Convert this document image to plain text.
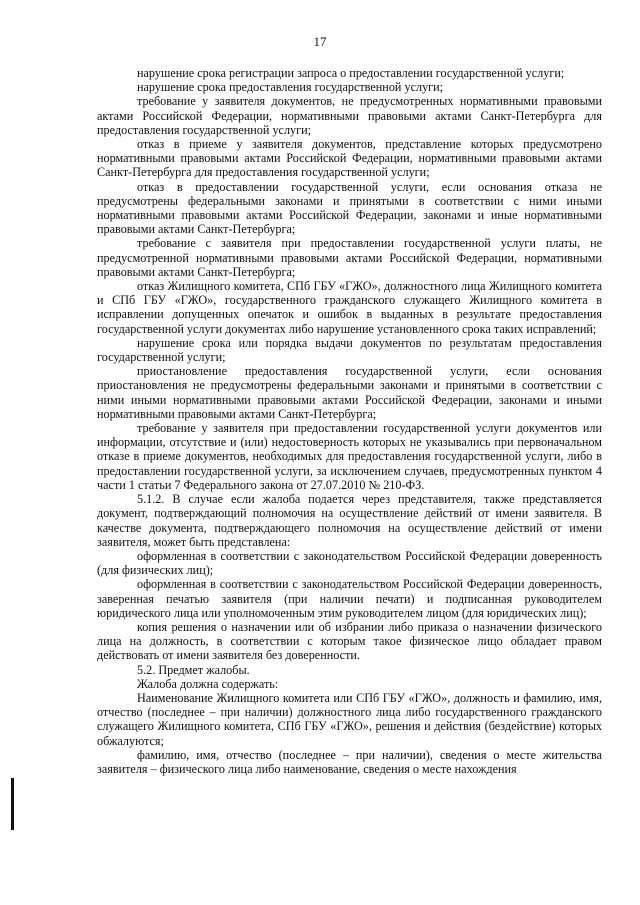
17

нарушение срока регистрации запроса о предоставлении государственной услуги;

нарушение срока предоставления государственной услуги;

требование у заявителя документов, не предусмотренных нормативными правовыми актами Российской Федерации, нормативными правовыми актами Санкт-Петербурга для предоставления государственной услуги;

отказ в приеме у заявителя документов, представление которых предусмотрено нормативными правовыми актами Российской Федерации, нормативными правовыми актами Санкт-Петербурга для предоставления государственной услуги;

отказ в предоставлении государственной услуги, если основания отказа не предусмотрены федеральными законами и принятыми в соответствии с ними иными нормативными правовыми актами Российской Федерации, законами и иные нормативными правовыми актами Санкт-Петербурга;

требование с заявителя при предоставлении государственной услуги платы, не предусмотренной нормативными правовыми актами Российской Федерации, нормативными правовыми актами Санкт-Петербурга;

отказ Жилищного комитета, СПб ГБУ «ГЖО», должностного лица Жилищного комитета и СПб ГБУ «ГЖО», государственного гражданского служащего Жилищного комитета в исправлении допущенных опечаток и ошибок в выданных в результате предоставления государственной услуги документах либо нарушение установленного срока таких исправлений;

нарушение срока или порядка выдачи документов по результатам предоставления государственной услуги;

приостановление предоставления государственной услуги, если основания приостановления не предусмотрены федеральными законами и принятыми в соответствии с ними иными нормативными правовыми актами Российской Федерации, законами и иными нормативными правовыми актами Санкт-Петербурга;

требование у заявителя при предоставлении государственной услуги документов или информации, отсутствие и (или) недостоверность которых не указывались при первоначальном отказе в приеме документов, необходимых для предоставления государственной услуги, либо в предоставлении государственной услуги, за исключением случаев, предусмотренных пунктом 4 части 1 статьи 7 Федерального закона от 27.07.2010 № 210-ФЗ.

5.1.2. В случае если жалоба подается через представителя, также представляется документ, подтверждающий полномочия на осуществление действий от имени заявителя. В качестве документа, подтверждающего полномочия на осуществление действий от имени заявителя, может быть представлена:

оформленная в соответствии с законодательством Российской Федерации доверенность (для физических лиц);

оформленная в соответствии с законодательством Российской Федерации доверенность, заверенная печатью заявителя (при наличии печати) и подписанная руководителем юридического лица или уполномоченным этим руководителем лицом (для юридических лиц);

копия решения о назначении или об избрании либо приказа о назначении физического лица на должность, в соответствии с которым такое физическое лицо обладает правом действовать от имени заявителя без доверенности.

5.2. Предмет жалобы.

Жалоба должна содержать:

Наименование Жилищного комитета или СПб ГБУ «ГЖО», должность и фамилию, имя, отчество (последнее – при наличии) должностного лица либо государственного гражданского служащего Жилищного комитета, СПб ГБУ «ГЖО», решения и действия (бездействие) которых обжалуются;

фамилию, имя, отчество (последнее – при наличии), сведения о месте жительства заявителя – физического лица либо наименование, сведения о месте нахождения
